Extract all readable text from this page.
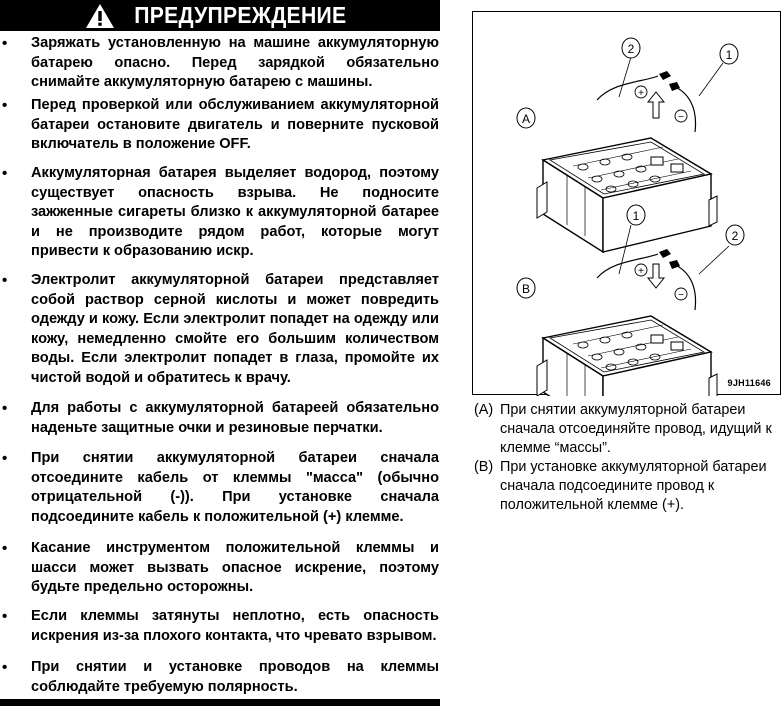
ПРЕДУПРЕЖДЕНИЕ
• Заряжать установленную на машине аккумуляторную батарею опасно. Перед зарядкой обязательно снимайте аккумуляторную батарею с машины.
• Перед проверкой или обслуживанием аккумуляторной батареи остановите двигатель и поверните пусковой включатель в положение OFF.
• Аккумуляторная батарея выделяет водород, поэтому существует опасность взрыва. Не подносите зажженные сигареты близко к аккумуляторной батарее и не производите рядом работ, которые могут привести к образованию искр.
• Электролит аккумуляторной батареи представляет собой раствор серной кислоты и может повредить одежду и кожу. Если электролит попадет на одежду или кожу, немедленно смойте его большим количеством воды. Если электролит попадет в глаза, промойте их чистой водой и обратитесь к врачу.
• Для работы с аккумуляторной батареей обязательно наденьте защитные очки и резиновые перчатки.
• При снятии аккумуляторной батареи сначала отсоедините кабель от клеммы "масса" (обычно отрицательной (-)). При установке сначала подсоедините кабель к положительной (+) клемме.
• Касание инструментом положительной клеммы и шасси может вызвать опасное искрение, поэтому будьте предельно осторожны.
• Если клеммы затянуты неплотно, есть опасность искрения из-за плохого контакта, что чревато взрывом.
• При снятии и установке проводов на клеммы соблюдайте требуемую полярность.
A
2	1
+
−
B
1
2
+
−
9JH11646
(A) При снятии аккумуляторной батареи сначала отсоединяйте провод, идущий к клемме “массы”.
(B) При установке аккумуляторной батареи сначала подсоедините провод к положительной клемме (+).
